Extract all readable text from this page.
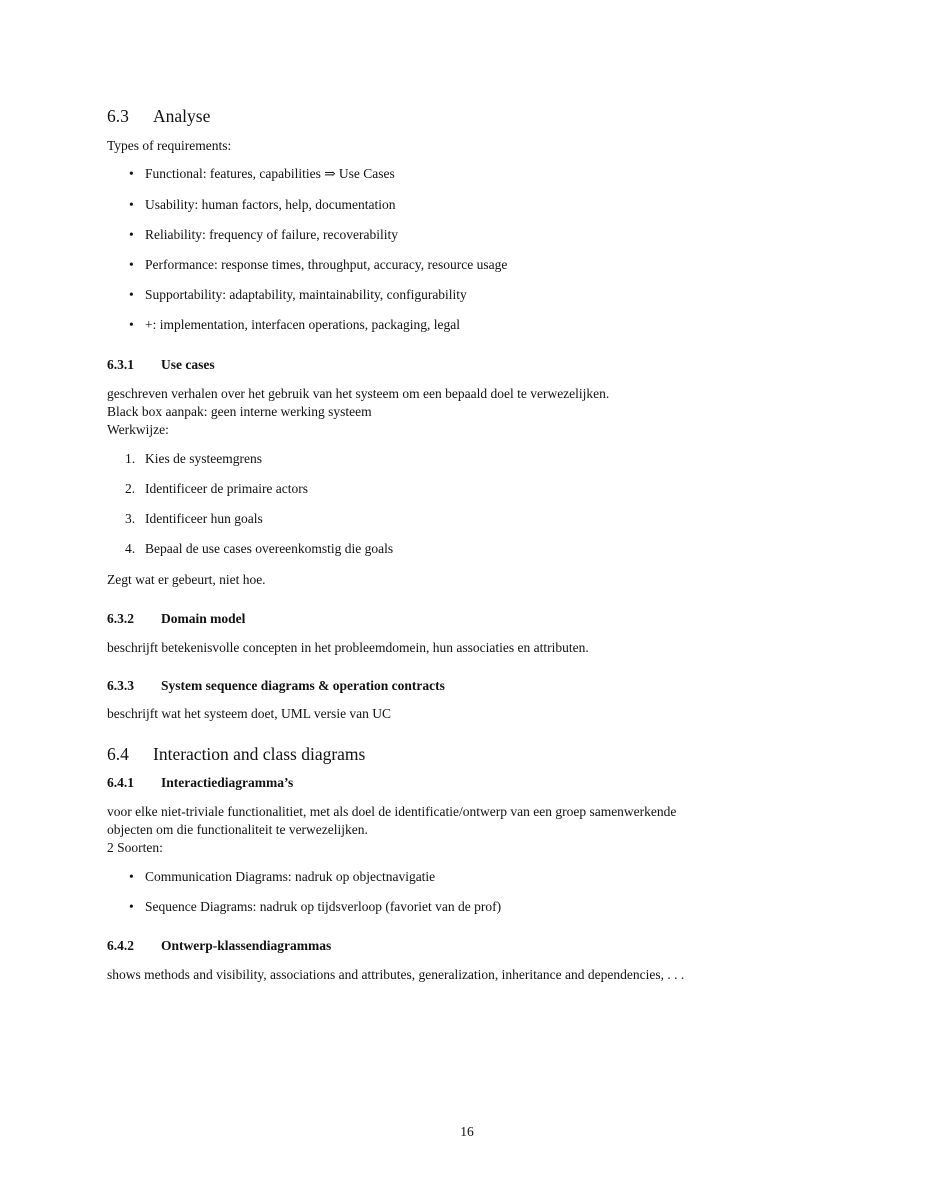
6.3 Analyse
Types of requirements:
• Functional: features, capabilities ⇒ Use Cases
• Usability: human factors, help, documentation
• Reliability: frequency of failure, recoverability
• Performance: response times, throughput, accuracy, resource usage
• Supportability: adaptability, maintainability, configurability
• +: implementation, interfacen operations, packaging, legal
6.3.1 Use cases
geschreven verhalen over het gebruik van het systeem om een bepaald doel te verwezelijken.
Black box aanpak: geen interne werking systeem
Werkwijze:
1. Kies de systeemgrens
2. Identificeer de primaire actors
3. Identificeer hun goals
4. Bepaal de use cases overeenkomstig die goals
Zegt wat er gebeurt, niet hoe.
6.3.2 Domain model
beschrijft betekenisvolle concepten in het probleemdomein, hun associaties en attributen.
6.3.3 System sequence diagrams & operation contracts
beschrijft wat het systeem doet, UML versie van UC
6.4 Interaction and class diagrams
6.4.1 Interactiediagramma’s
voor elke niet-triviale functionalitiet, met als doel de identificatie/ontwerp van een groep samenwerkende
objecten om die functionaliteit te verwezelijken.
2 Soorten:
• Communication Diagrams: nadruk op objectnavigatie
• Sequence Diagrams: nadruk op tijdsverloop (favoriet van de prof)
6.4.2 Ontwerp-klassendiagrammas
shows methods and visibility, associations and attributes, generalization, inheritance and dependencies, . . .
16
